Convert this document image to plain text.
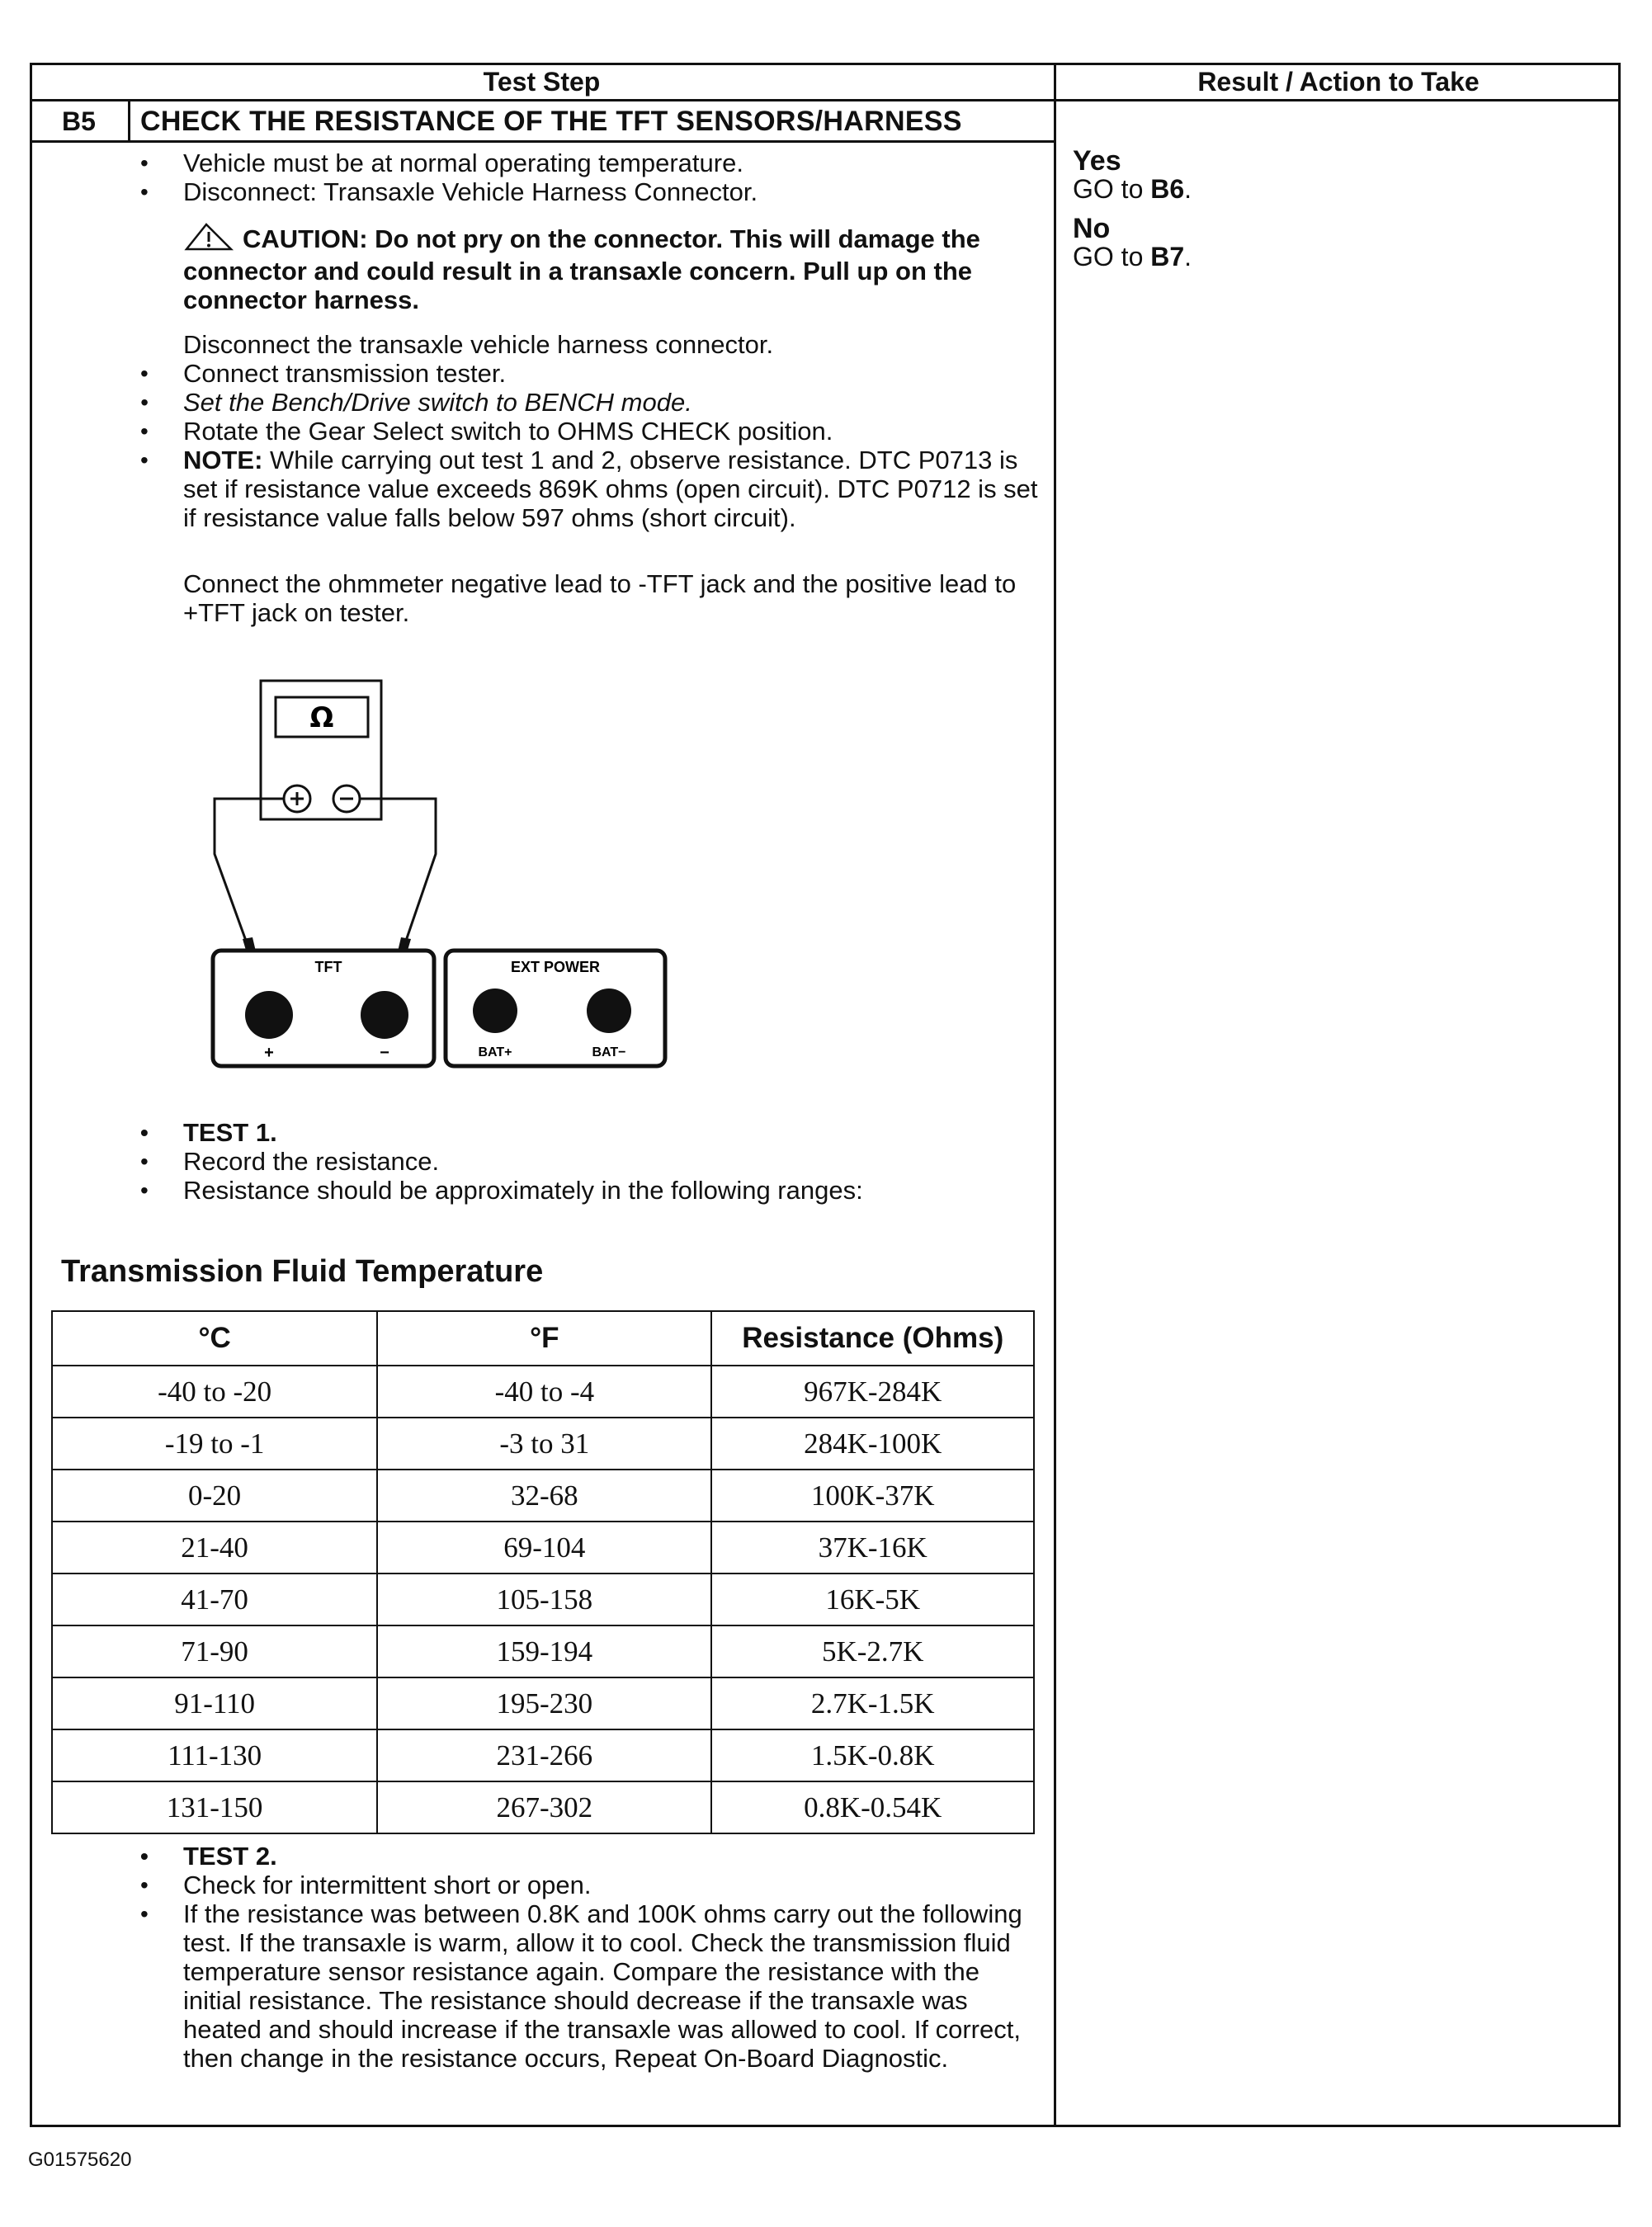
Test Step	Result / Action to Take
B5	CHECK THE RESISTANCE OF THE TFT SENSORS/HARNESS
• Vehicle must be at normal operating temperature.
• Disconnect: Transaxle Vehicle Harness Connector.
CAUTION: Do not pry on the connector. This will damage the connector and could result in a transaxle concern. Pull up on the connector harness.
Disconnect the transaxle vehicle harness connector.
• Connect transmission tester.
• Set the Bench/Drive switch to BENCH mode.
• Rotate the Gear Select switch to OHMS CHECK position.
• NOTE: While carrying out test 1 and 2, observe resistance. DTC P0713 is set if resistance value exceeds 869K ohms (open circuit). DTC P0712 is set if resistance value falls below 597 ohms (short circuit).
Connect the ohmmeter negative lead to -TFT jack and the positive lead to +TFT jack on tester.
Ω
TFT
+	−
EXT POWER
BAT+	BAT−
• TEST 1.
• Record the resistance.
• Resistance should be approximately in the following ranges:
Transmission Fluid Temperature
°C	°F	Resistance (Ohms)
-40 to -20	-40 to -4	967K-284K
-19 to -1	-3 to 31	284K-100K
0-20	32-68	100K-37K
21-40	69-104	37K-16K
41-70	105-158	16K-5K
71-90	159-194	5K-2.7K
91-110	195-230	2.7K-1.5K
111-130	231-266	1.5K-0.8K
131-150	267-302	0.8K-0.54K
• TEST 2.
• Check for intermittent short or open.
• If the resistance was between 0.8K and 100K ohms carry out the following test. If the transaxle is warm, allow it to cool. Check the transmission fluid temperature sensor resistance again. Compare the resistance with the initial resistance. The resistance should decrease if the transaxle was heated and should increase if the transaxle was allowed to cool. If correct, then change in the resistance occurs, Repeat On-Board Diagnostic.
Yes
GO to B6.
No
GO to B7.
G01575620
